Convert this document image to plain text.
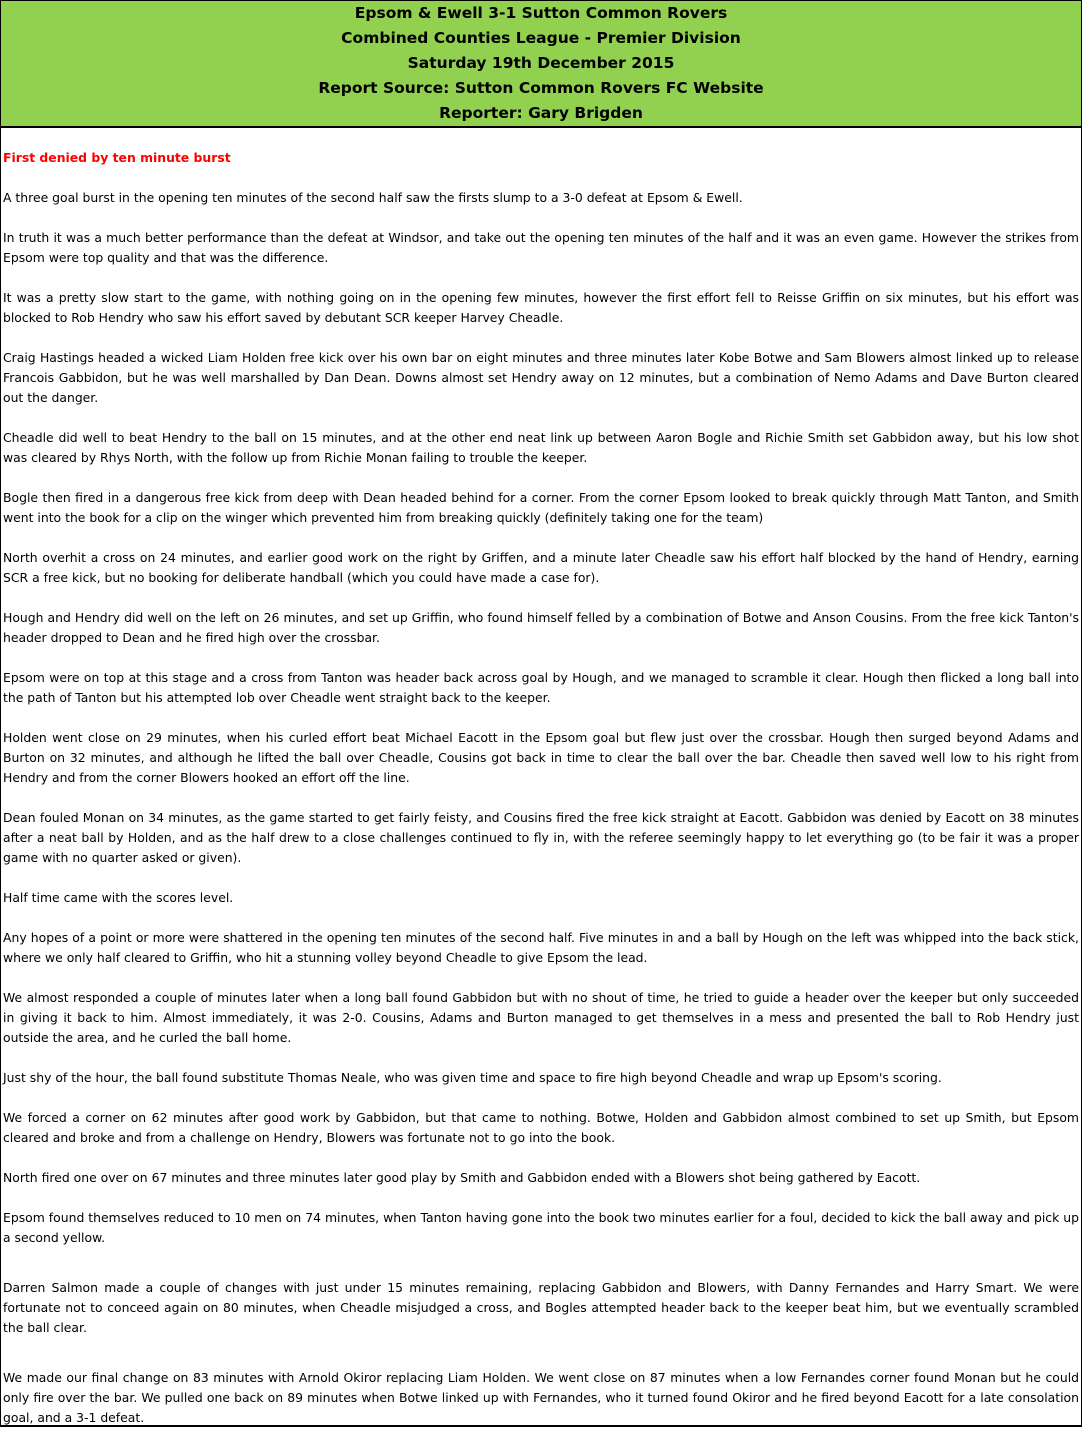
Epsom & Ewell 3-1 Sutton Common Rovers
Combined Counties League - Premier Division
Saturday 19th December 2015
Report Source: Sutton Common Rovers FC Website
Reporter: Gary Brigden

First denied by ten minute burst

A three goal burst in the opening ten minutes of the second half saw the firsts slump to a 3-0 defeat at Epsom & Ewell.

In truth it was a much better performance than the defeat at Windsor, and take out the opening ten minutes of the half and it was an even game. However the strikes from Epsom were top quality and that was the difference.

It was a pretty slow start to the game, with nothing going on in the opening few minutes, however the first effort fell to Reisse Griffin on six minutes, but his effort was blocked to Rob Hendry who saw his effort saved by debutant SCR keeper Harvey Cheadle.

Craig Hastings headed a wicked Liam Holden free kick over his own bar on eight minutes and three minutes later Kobe Botwe and Sam Blowers almost linked up to release Francois Gabbidon, but he was well marshalled by Dan Dean. Downs almost set Hendry away on 12 minutes, but a combination of Nemo Adams and Dave Burton cleared out the danger.

Cheadle did well to beat Hendry to the ball on 15 minutes, and at the other end neat link up between Aaron Bogle and Richie Smith set Gabbidon away, but his low shot was cleared by Rhys North, with the follow up from Richie Monan failing to trouble the keeper.

Bogle then fired in a dangerous free kick from deep with Dean headed behind for a corner. From the corner Epsom looked to break quickly through Matt Tanton, and Smith went into the book for a clip on the winger which prevented him from breaking quickly (definitely taking one for the team)

North overhit a cross on 24 minutes, and earlier good work on the right by Griffen, and a minute later Cheadle saw his effort half blocked by the hand of Hendry, earning SCR a free kick, but no booking for deliberate handball (which you could have made a case for).

Hough and Hendry did well on the left on 26 minutes, and set up Griffin, who found himself felled by a combination of Botwe and Anson Cousins. From the free kick Tanton's header dropped to Dean and he fired high over the crossbar.

Epsom were on top at this stage and a cross from Tanton was header back across goal by Hough, and we managed to scramble it clear. Hough then flicked a long ball into the path of Tanton but his attempted lob over Cheadle went straight back to the keeper.

Holden went close on 29 minutes, when his curled effort beat Michael Eacott in the Epsom goal but flew just over the crossbar. Hough then surged beyond Adams and Burton on 32 minutes, and although he lifted the ball over Cheadle, Cousins got back in time to clear the ball over the bar. Cheadle then saved well low to his right from Hendry and from the corner Blowers hooked an effort off the line.

Dean fouled Monan on 34 minutes, as the game started to get fairly feisty, and Cousins fired the free kick straight at Eacott. Gabbidon was denied by Eacott on 38 minutes after a neat ball by Holden, and as the half drew to a close challenges continued to fly in, with the referee seemingly happy to let everything go (to be fair it was a proper game with no quarter asked or given).

Half time came with the scores level.

Any hopes of a point or more were shattered in the opening ten minutes of the second half. Five minutes in and a ball by Hough on the left was whipped into the back stick, where we only half cleared to Griffin, who hit a stunning volley beyond Cheadle to give Epsom the lead.

We almost responded a couple of minutes later when a long ball found Gabbidon but with no shout of time, he tried to guide a header over the keeper but only succeeded in giving it back to him. Almost immediately, it was 2-0. Cousins, Adams and Burton managed to get themselves in a mess and presented the ball to Rob Hendry just outside the area, and he curled the ball home.

Just shy of the hour, the ball found substitute Thomas Neale, who was given time and space to fire high beyond Cheadle and wrap up Epsom's scoring.

We forced a corner on 62 minutes after good work by Gabbidon, but that came to nothing. Botwe, Holden and Gabbidon almost combined to set up Smith, but Epsom cleared and broke and from a challenge on Hendry, Blowers was fortunate not to go into the book.

North fired one over on 67 minutes and three minutes later good play by Smith and Gabbidon ended with a Blowers shot being gathered by Eacott.

Epsom found themselves reduced to 10 men on 74 minutes, when Tanton having gone into the book two minutes earlier for a foul, decided to kick the ball away and pick up a second yellow.

Darren Salmon made a couple of changes with just under 15 minutes remaining, replacing Gabbidon and Blowers, with Danny Fernandes and Harry Smart. We were fortunate not to conceed again on 80 minutes, when Cheadle misjudged a cross, and Bogles attempted header back to the keeper beat him, but we eventually scrambled the ball clear.

We made our final change on 83 minutes with Arnold Okiror replacing Liam Holden. We went close on 87 minutes when a low Fernandes corner found Monan but he could only fire over the bar. We pulled one back on 89 minutes when Botwe linked up with Fernandes, who it turned found Okiror and he fired beyond Eacott for a late consolation goal, and a 3-1 defeat.
